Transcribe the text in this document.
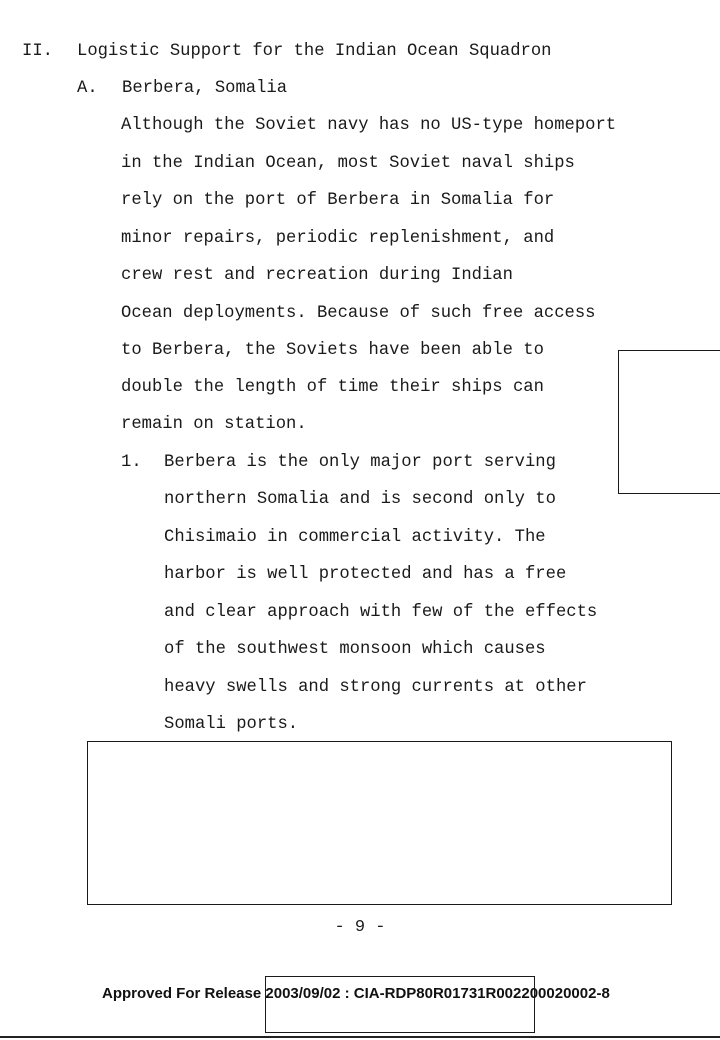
II. Logistic Support for the Indian Ocean Squadron
A. Berbera, Somalia
Although the Soviet navy has no US-type homeport
in the Indian Ocean, most Soviet naval ships
rely on the port of Berbera in Somalia for
minor repairs, periodic replenishment, and
crew rest and recreation during Indian
Ocean deployments. Because of such free access
to Berbera, the Soviets have been able to
double the length of time their ships can
remain on station.
1. Berbera is the only major port serving
northern Somalia and is second only to
Chisimaio in commercial activity. The
harbor is well protected and has a free
and clear approach with few of the effects
of the southwest monsoon which causes
heavy swells and strong currents at other
Somali ports.
- 9 -
Approved For Release 2003/09/02 : CIA-RDP80R01731R002200020002-8
